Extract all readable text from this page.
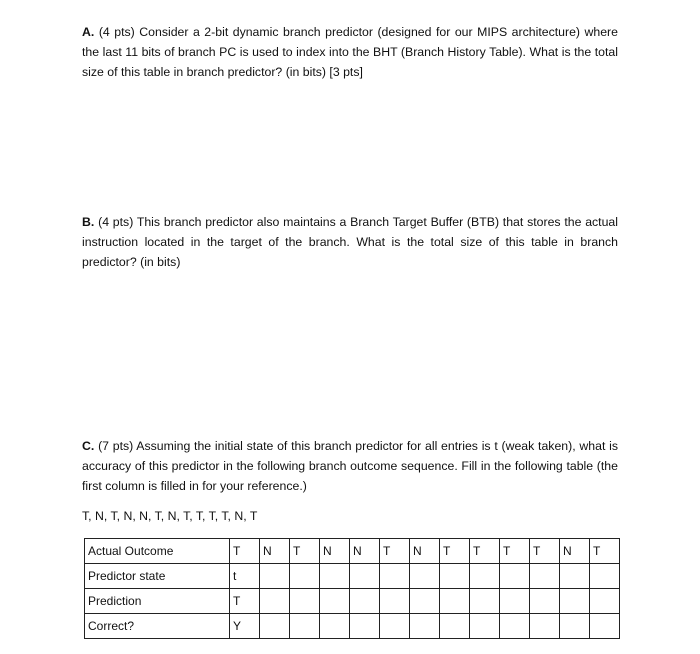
A. (4 pts) Consider a 2-bit dynamic branch predictor (designed for our MIPS architecture) where the last 11 bits of branch PC is used to index into the BHT (Branch History Table). What is the total size of this table in branch predictor? (in bits) [3 pts]

B. (4 pts) This branch predictor also maintains a Branch Target Buffer (BTB) that stores the actual instruction located in the target of the branch. What is the total size of this table in branch predictor? (in bits)

C. (7 pts) Assuming the initial state of this branch predictor for all entries is t (weak taken), what is accuracy of this predictor in the following branch outcome sequence. Fill in the following table (the first column is filled in for your reference.)

T, N, T, N, N, T, N, T, T, T, T, N, T

Actual Outcome	T	N	T	N	N	T	N	T	T	T	T	N	T
Predictor state	t												
Prediction	T												
Correct?	Y												
